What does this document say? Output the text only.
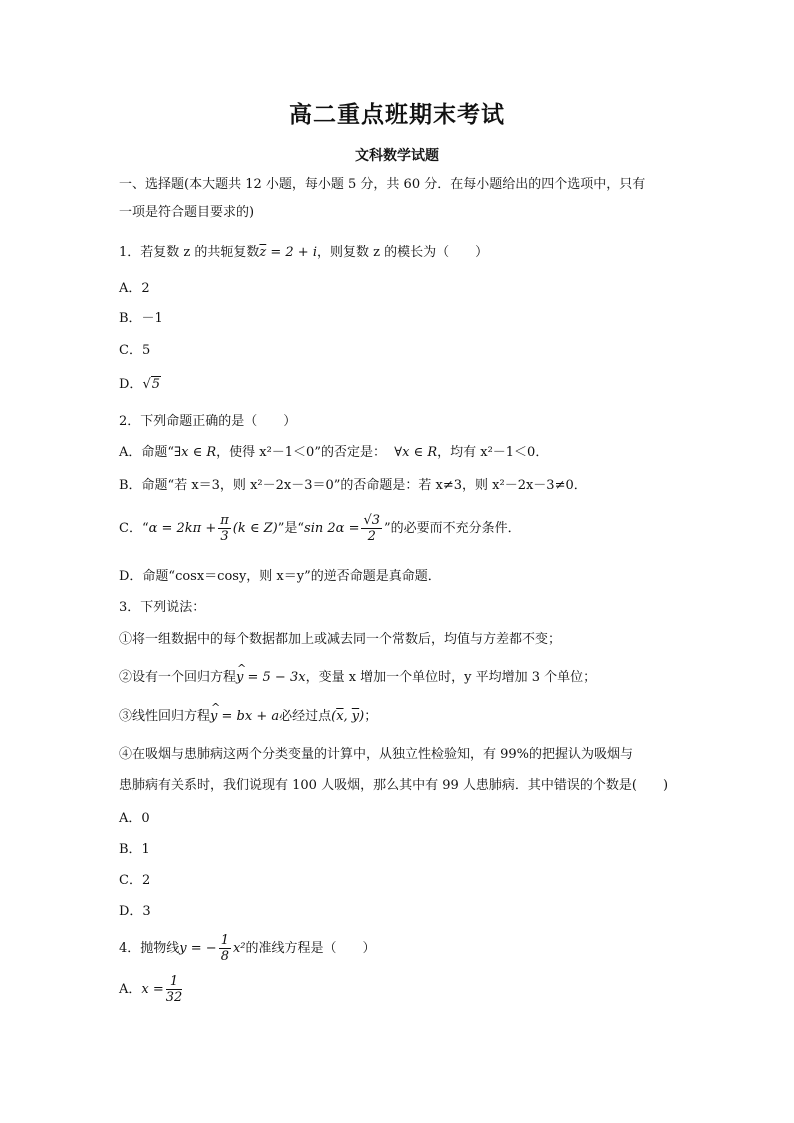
高二重点班期末考试
文科数学试题
一、选择题(本大题共 12 小题，每小题 5 分，共 60 分．在每小题给出的四个选项中，只有
一项是符合题目要求的)
1．若复数 z 的共轭复数$\overline{z} = 2 + i$，则复数 z 的模长为（　　）
A．2
B．－1
C．5
D．√5
2．下列命题正确的是（　　）
A．命题“∃x ∈ R，使得 x²－1＜0”的否定是： ∀x ∈ R，均有 x²－1＜0．
B．命题“若 x＝3，则 x²－2x－3＝0”的否命题是：若 x≠3，则 x²－2x－3≠0．
C．“$\alpha = 2k\pi + \frac{\pi}{3} (k$ ∈ Z)”是“sin $2\alpha = \frac{√3}{2}$ ”的必要而不充分条件．
D．命题“cosx＝cosy，则 x＝y”的逆否命题是真命题．
3．下列说法：
①将一组数据中的每个数据都加上或减去同一个常数后，均值与方差都不变；
②设有一个回归方程^ y = 5 − 3x，变量 x 增加一个单位时，y 平均增加 3 个单位；
③线性回归方程^ y = bx + a必经过点($\overline{x}$, $\overline{y}$)；
④在吸烟与患肺病这两个分类变量的计算中，从独立性检验知，有 99%的把握认为吸烟与
患肺病有关系时，我们说现有 100 人吸烟，那么其中有 99 人患肺病．其中错误的个数是(　　)
A．0
B．1
C．2
D．3
4．抛物线y = − $\frac{1}{8} x^2$的准线方程是（　　）
A．$x = \frac{1}{32}$
